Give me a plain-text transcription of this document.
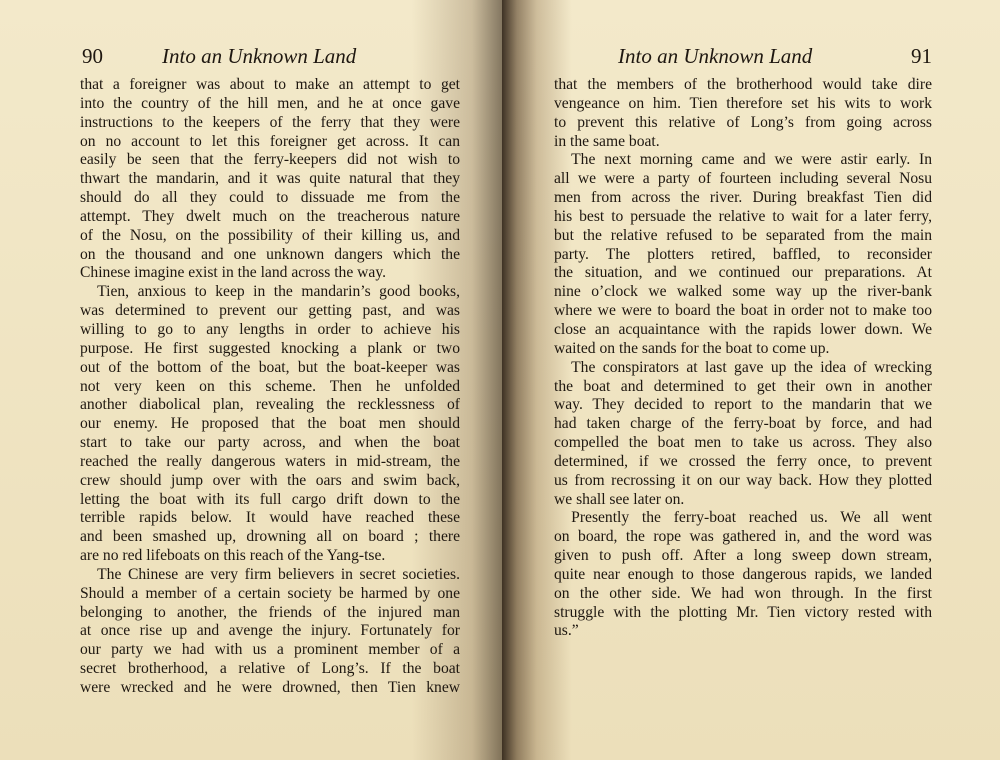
90	Into an Unknown Land
that a foreigner was about to make an attempt to get
into the country of the hill men, and he at once gave
instructions to the keepers of the ferry that they were
on no account to let this foreigner get across. It can
easily be seen that the ferry-keepers did not wish to
thwart the mandarin, and it was quite natural that they
should do all they could to dissuade me from the
attempt. They dwelt much on the treacherous nature
of the Nosu, on the possibility of their killing us, and
on the thousand and one unknown dangers which the
Chinese imagine exist in the land across the way.
Tien, anxious to keep in the mandarin’s good books,
was determined to prevent our getting past, and was
willing to go to any lengths in order to achieve his
purpose. He first suggested knocking a plank or two
out of the bottom of the boat, but the boat-keeper was
not very keen on this scheme. Then he unfolded
another diabolical plan, revealing the recklessness of
our enemy. He proposed that the boat men should
start to take our party across, and when the boat
reached the really dangerous waters in mid-stream, the
crew should jump over with the oars and swim back,
letting the boat with its full cargo drift down to the
terrible rapids below. It would have reached these
and been smashed up, drowning all on board ; there
are no red lifeboats on this reach of the Yang-tse.
The Chinese are very firm believers in secret societies.
Should a member of a certain society be harmed by one
belonging to another, the friends of the injured man
at once rise up and avenge the injury. Fortunately for
our party we had with us a prominent member of a
secret brotherhood, a relative of Long’s. If the boat
were wrecked and he were drowned, then Tien knew
Into an Unknown Land	91
that the members of the brotherhood would take dire
vengeance on him. Tien therefore set his wits to work
to prevent this relative of Long’s from going across
in the same boat.
The next morning came and we were astir early. In
all we were a party of fourteen including several Nosu
men from across the river. During breakfast Tien did
his best to persuade the relative to wait for a later ferry,
but the relative refused to be separated from the main
party. The plotters retired, baffled, to reconsider
the situation, and we continued our preparations. At
nine o’clock we walked some way up the river-bank
where we were to board the boat in order not to make too
close an acquaintance with the rapids lower down. We
waited on the sands for the boat to come up.
The conspirators at last gave up the idea of wrecking
the boat and determined to get their own in another
way. They decided to report to the mandarin that we
had taken charge of the ferry-boat by force, and had
compelled the boat men to take us across. They also
determined, if we crossed the ferry once, to prevent
us from recrossing it on our way back. How they plotted
we shall see later on.
Presently the ferry-boat reached us. We all went
on board, the rope was gathered in, and the word was
given to push off. After a long sweep down stream,
quite near enough to those dangerous rapids, we landed
on the other side. We had won through. In the first
struggle with the plotting Mr. Tien victory rested with
us.”
